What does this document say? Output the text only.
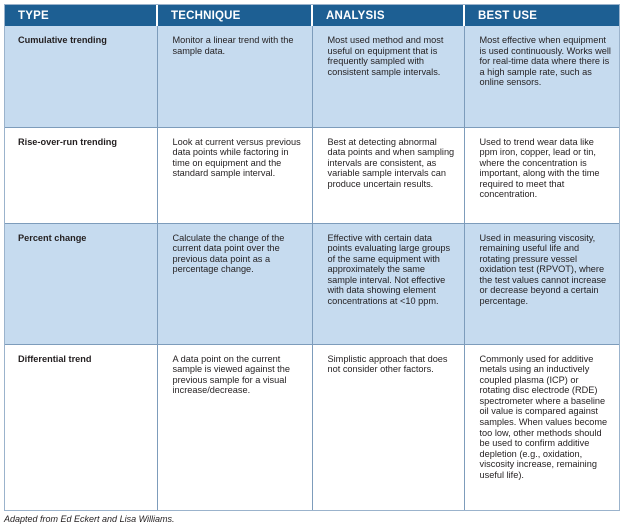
TYPE	TECHNIQUE	ANALYSIS	BEST USE
Cumulative trending	Monitor a linear trend with the sample data.	Most used method and most useful on equipment that is frequently sampled with consistent sample intervals.	Most effective when equipment is used continuously. Works well for real-time data where there is a high sample rate, such as online sensors.
Rise-over-run trending	Look at current versus previous data points while factoring in time on equipment and the standard sample interval.	Best at detecting abnormal data points and when sampling intervals are consistent, as variable sample intervals can produce uncertain results.	Used to trend wear data like ppm iron, copper, lead or tin, where the concentration is important, along with the time required to meet that concentration.
Percent change	Calculate the change of the current data point over the previous data point as a percentage change.	Effective with certain data points evaluating large groups of the same equipment with approximately the same sample interval. Not effective with data showing element concentrations at <10 ppm.	Used in measuring viscosity, remaining useful life and rotating pressure vessel oxidation test (RPVOT), where the test values cannot increase or decrease beyond a certain percentage.
Differential trend	A data point on the current sample is viewed against the previous sample for a visual increase/decrease.	Simplistic approach that does not consider other factors.	Commonly used for additive metals using an inductively coupled plasma (ICP) or rotating disc electrode (RDE) spectrometer where a baseline oil value is compared against samples. When values become too low, other methods should be used to confirm additive depletion (e.g., oxidation, viscosity increase, remaining useful life).
Adapted from Ed Eckert and Lisa Williams.
